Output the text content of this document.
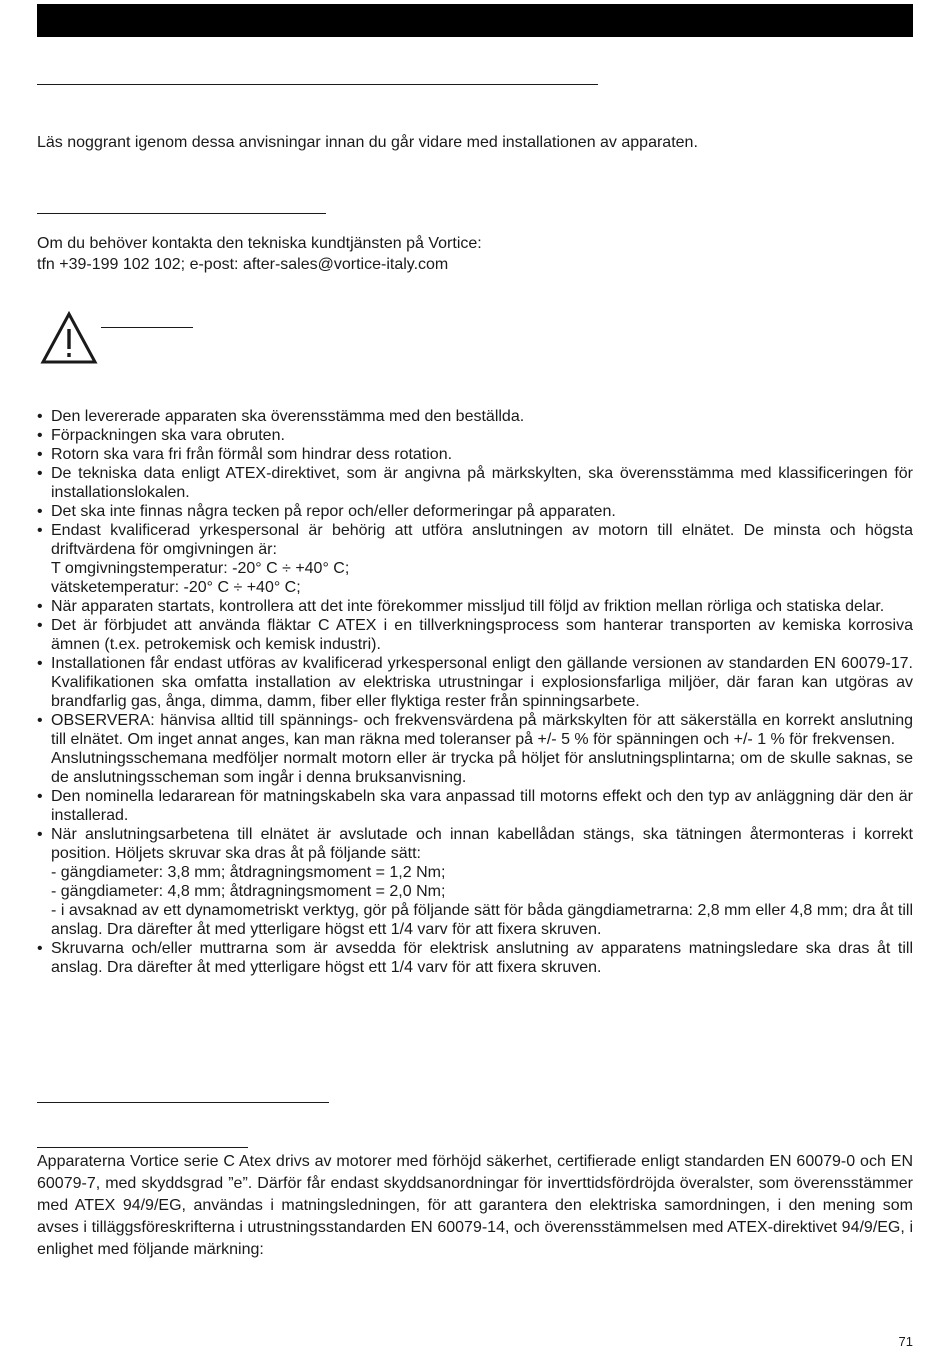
Läs noggrant igenom dessa anvisningar innan du går vidare med installationen av apparaten.
Om du behöver kontakta den tekniska kundtjänsten på Vortice:
tfn +39-199 102 102; e-post: after-sales@vortice-italy.com
• Den levererade apparaten ska överensstämma med den beställda.
• Förpackningen ska vara obruten.
• Rotorn ska vara fri från förmål som hindrar dess rotation.
• De tekniska data enligt ATEX-direktivet, som är angivna på märkskylten, ska överensstämma med klassificeringen för installationslokalen.
• Det ska inte finnas några tecken på repor och/eller deformeringar på apparaten.
• Endast kvalificerad yrkespersonal är behörig att utföra anslutningen av motorn till elnätet. De minsta och högsta driftvärdena för omgivningen är:
T omgivningstemperatur: -20° C ÷ +40° C;
vätsketemperatur: -20° C ÷ +40° C;
• När apparaten startats, kontrollera att det inte förekommer missljud till följd av friktion mellan rörliga och statiska delar.
• Det är förbjudet att använda fläktar C ATEX i en tillverkningsprocess som hanterar transporten av kemiska korrosiva ämnen (t.ex. petrokemisk och kemisk industri).
• Installationen får endast utföras av kvalificerad yrkespersonal enligt den gällande versionen av standarden EN 60079-17. Kvalifikationen ska omfatta installation av elektriska utrustningar i explosionsfarliga miljöer, där faran kan utgöras av brandfarlig gas, ånga, dimma, damm, fiber eller flyktiga rester från spinningsarbete.
• OBSERVERA: hänvisa alltid till spännings- och frekvensvärdena på märkskylten för att säkerställa en korrekt anslutning till elnätet. Om inget annat anges, kan man räkna med toleranser på +/- 5 % för spänningen och +/- 1 % för frekvensen.
Anslutningsschemana medföljer normalt motorn eller är trycka på höljet för anslutningsplintarna; om de skulle saknas, se de anslutningsscheman som ingår i denna bruksanvisning.
• Den nominella ledararean för matningskabeln ska vara anpassad till motorns effekt och den typ av anläggning där den är installerad.
• När anslutningsarbetena till elnätet är avslutade och innan kabellådan stängs, ska tätningen återmonteras i korrekt position. Höljets skruvar ska dras åt på följande sätt:
- gängdiameter: 3,8 mm; åtdragningsmoment = 1,2 Nm;
- gängdiameter: 4,8 mm; åtdragningsmoment = 2,0 Nm;
- i avsaknad av ett dynamometriskt verktyg, gör på följande sätt för båda gängdiametrarna: 2,8 mm eller 4,8 mm; dra åt till anslag. Dra därefter åt med ytterligare högst ett 1/4 varv för att fixera skruven.
• Skruvarna och/eller muttrarna som är avsedda för elektrisk anslutning av apparatens matningsledare ska dras åt till anslag. Dra därefter åt med ytterligare högst ett 1/4 varv för att fixera skruven.
Apparaterna Vortice serie C Atex drivs av motorer med förhöjd säkerhet, certifierade enligt standarden EN 60079-0 och EN 60079-7, med skyddsgrad ”e”. Därför får endast skyddsanordningar för inverttidsfördröjda överalster, som överensstämmer med ATEX 94/9/EG, användas i matningsledningen, för att garantera den elektriska samordningen, i den mening som avses i tilläggsföreskrifterna i utrustningsstandarden EN 60079-14, och överensstämmelsen med ATEX-direktivet 94/9/EG, i enlighet med följande märkning:
71
